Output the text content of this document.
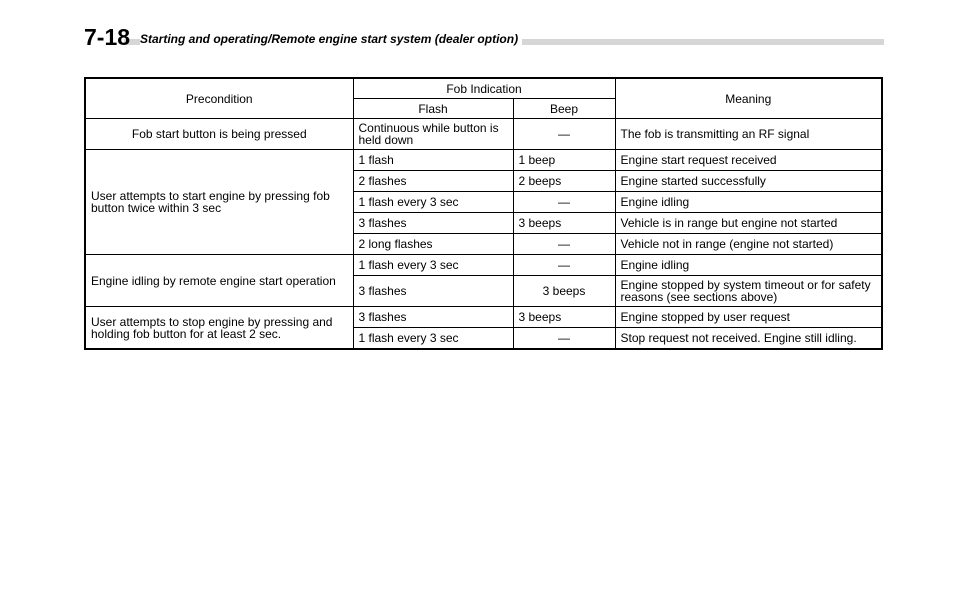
7-18 Starting and operating/Remote engine start system (dealer option)
Precondition	Fob Indication		Meaning
	Flash	Beep	
Fob start button is being pressed	Continuous while button is held down	—	The fob is transmitting an RF signal
User attempts to start engine by pressing fob button twice within 3 sec	1 flash	1 beep	Engine start request received
	2 flashes	2 beeps	Engine started successfully
	1 flash every 3 sec	—	Engine idling
	3 flashes	3 beeps	Vehicle is in range but engine not started
	2 long flashes	—	Vehicle not in range (engine not started)
Engine idling by remote engine start operation	1 flash every 3 sec	—	Engine idling
	3 flashes	3 beeps	Engine stopped by system timeout or for safety reasons (see sections above)
User attempts to stop engine by pressing and holding fob button for at least 2 sec.	3 flashes	3 beeps	Engine stopped by user request
	1 flash every 3 sec	—	Stop request not received. Engine still idling.
